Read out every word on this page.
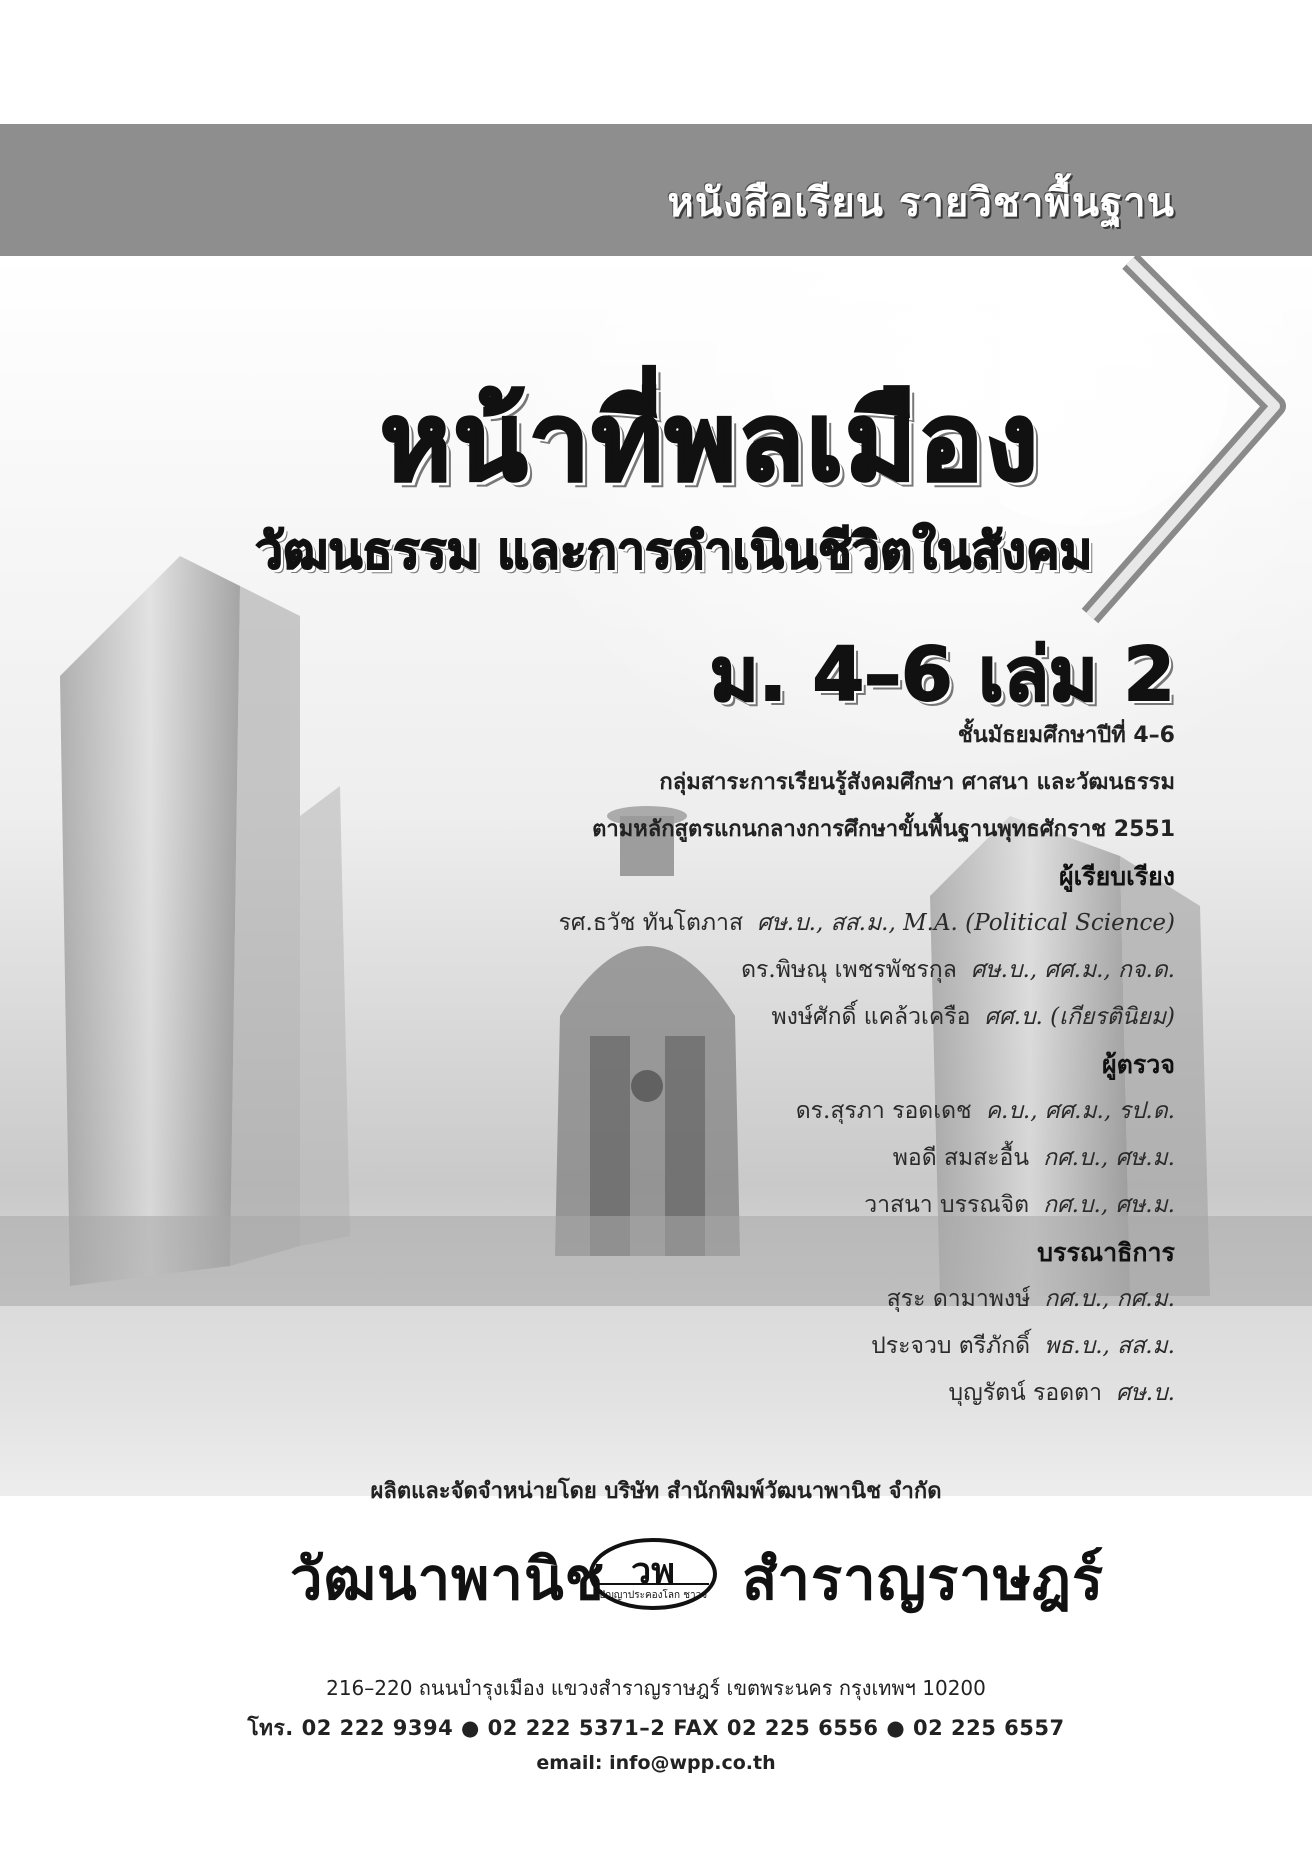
หนังสือเรียน รายวิชาพื้นฐาน
หน้าที่พลเมือง
วัฒนธรรม และการดำเนินชีวิตในสังคม
ม. 4–6 เล่ม 2
ชั้นมัธยมศึกษาปีที่ 4–6
กลุ่มสาระการเรียนรู้สังคมศึกษา ศาสนา และวัฒนธรรม
ตามหลักสูตรแกนกลางการศึกษาขั้นพื้นฐานพุทธศักราช 2551
ผู้เรียบเรียง
รศ.ธวัช ทันโตภาส ศษ.บ., สส.ม., M.A. (Political Science)
ดร.พิษณุ เพชรพัชรกุล ศษ.บ., ศศ.ม., กจ.ด.
พงษ์ศักดิ์ แคล้วเครือ ศศ.บ. (เกียรตินิยม)
ผู้ตรวจ
ดร.สุรภา รอดเดช ค.บ., ศศ.ม., รป.ด.
พอดี สมสะอื้น กศ.บ., ศษ.ม.
วาสนา บรรณจิต กศ.บ., ศษ.ม.
บรรณาธิการ
สุระ ดามาพงษ์ กศ.บ., กศ.ม.
ประจวบ ตรีภักดิ์ พธ.บ., สส.ม.
บุญรัตน์ รอดตา ศษ.บ.
ผลิตและจัดจำหน่ายโดย บริษัท สำนักพิมพ์วัฒนาพานิช จำกัด
วัฒนาพานิช วพ
ปัญญาประคองโลก ชาวจ สำราญราษฎร์
216–220 ถนนบำรุงเมือง แขวงสำราญราษฎร์ เขตพระนคร กรุงเทพฯ 10200
โทร. 02 222 9394 ● 02 222 5371–2 FAX 02 225 6556 ● 02 225 6557
email: info@wpp.co.th
